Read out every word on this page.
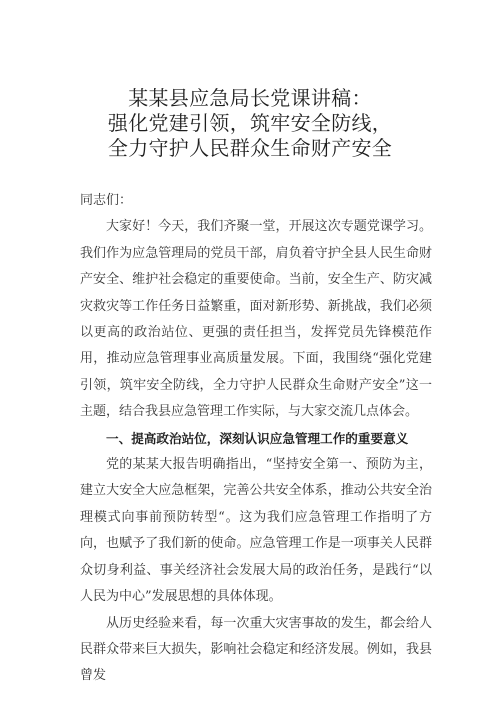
某某县应急局长党课讲稿：
强化党建引领，筑牢安全防线，
全力守护人民群众生命财产安全

同志们：

大家好！今天，我们齐聚一堂，开展这次专题党课学习。我们作为应急管理局的党员干部，肩负着守护全县人民生命财产安全、维护社会稳定的重要使命。当前，安全生产、防灾减灾救灾等工作任务日益繁重，面对新形势、新挑战，我们必须以更高的政治站位、更强的责任担当，发挥党员先锋模范作用，推动应急管理事业高质量发展。下面，我围绕“强化党建引领，筑牢安全防线，全力守护人民群众生命财产安全”这一主题，结合我县应急管理工作实际，与大家交流几点体会。

一、提高政治站位，深刻认识应急管理工作的重要意义

党的某某大报告明确指出，“坚持安全第一、预防为主，建立大安全大应急框架，完善公共安全体系，推动公共安全治理模式向事前预防转型“。这为我们应急管理工作指明了方向，也赋予了我们新的使命。应急管理工作是一项事关人民群众切身利益、事关经济社会发展大局的政治任务，是践行“以人民为中心”发展思想的具体体现。

从历史经验来看，每一次重大灾害事故的发生，都会给人民群众带来巨大损失，影响社会稳定和经济发展。例如，我县曾发
